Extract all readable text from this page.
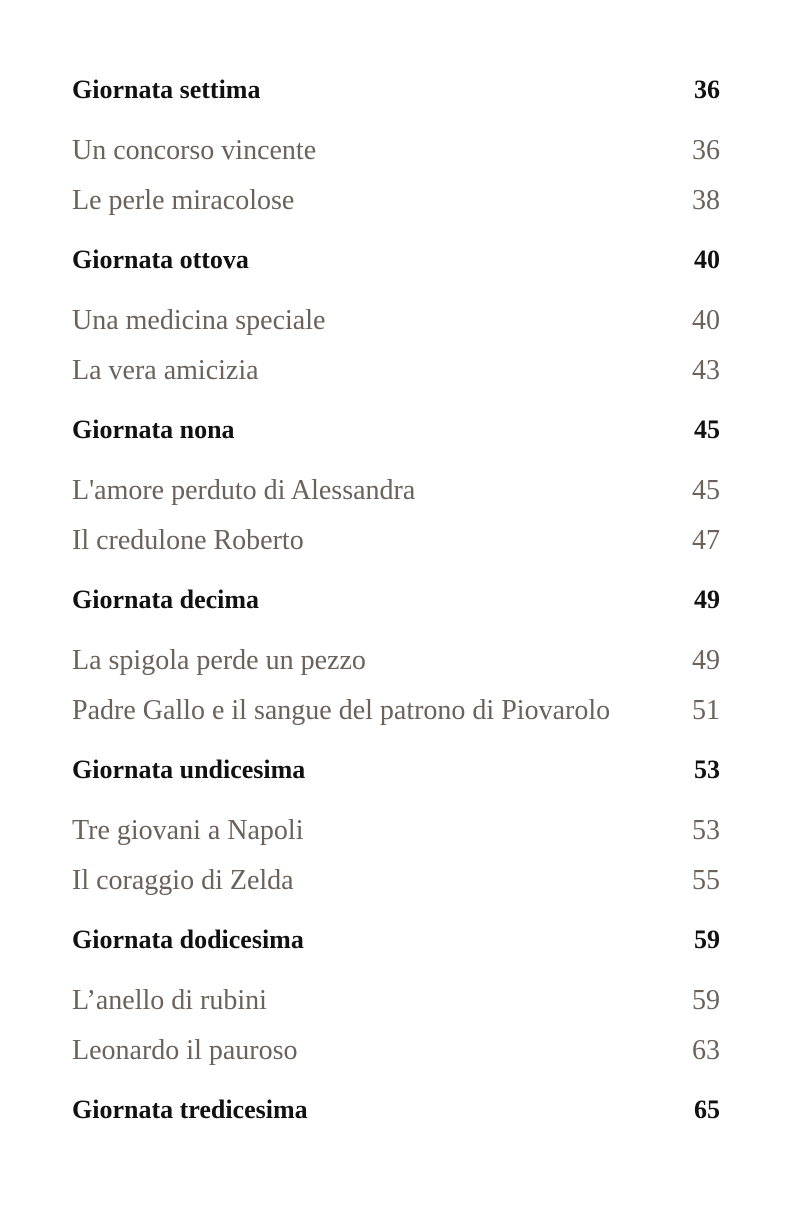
Giornata settima	36
Un concorso vincente	36
Le perle miracolose	38
Giornata ottova	40
Una medicina speciale	40
La vera amicizia	43
Giornata nona	45
L'amore perduto di Alessandra	45
Il credulone Roberto	47
Giornata decima	49
La spigola perde un pezzo	49
Padre Gallo e il sangue del patrono di Piovarolo	51
Giornata undicesima	53
Tre giovani a Napoli	53
Il coraggio di Zelda	55
Giornata dodicesima	59
L’anello di rubini	59
Leonardo il pauroso	63
Giornata tredicesima	65
